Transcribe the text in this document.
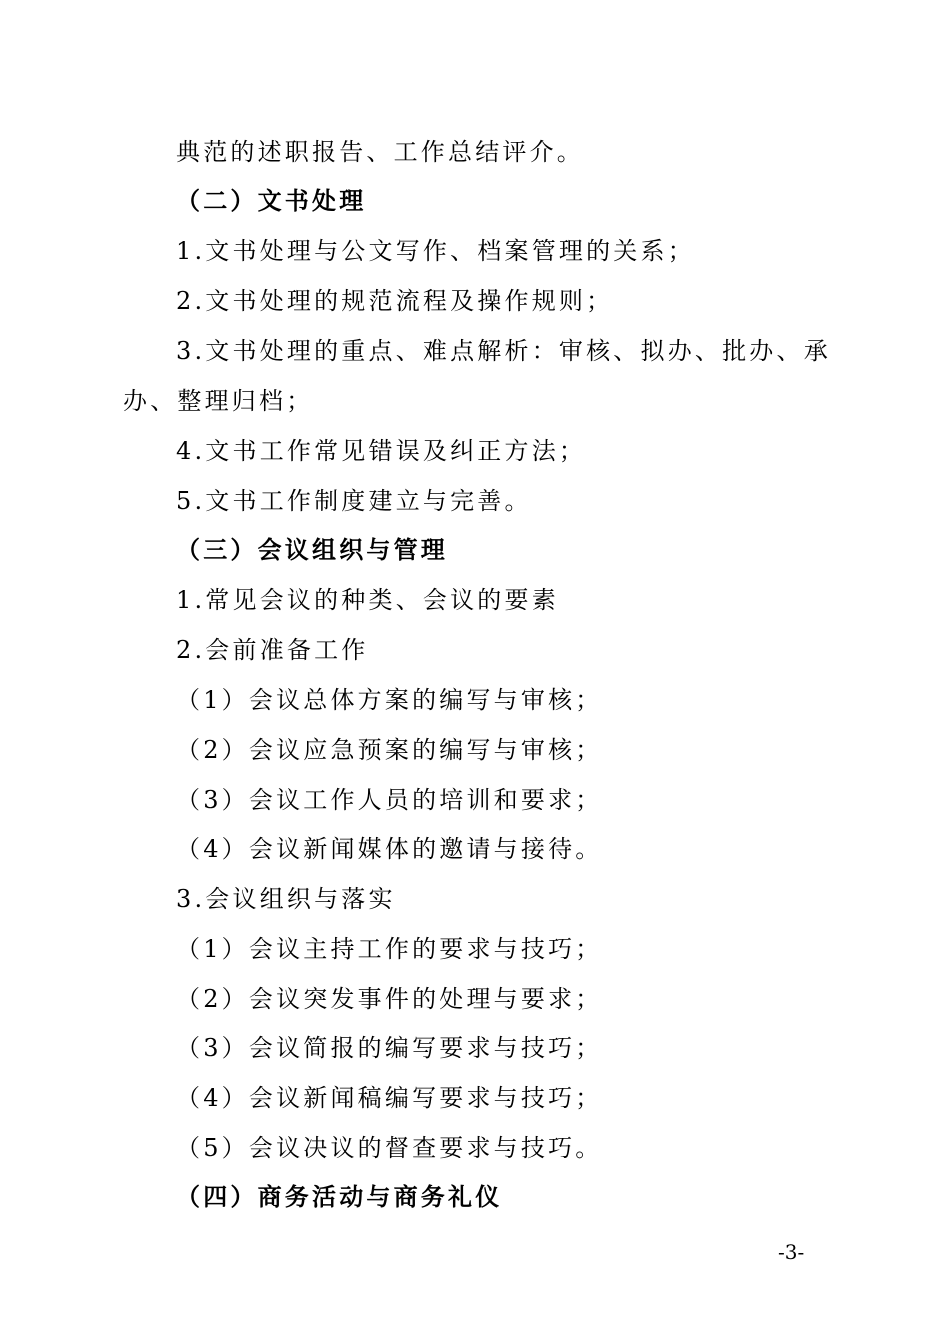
典范的述职报告、工作总结评介。
（二）文书处理
1.文书处理与公文写作、档案管理的关系；
2.文书处理的规范流程及操作规则；
3.文书处理的重点、难点解析：审核、拟办、批办、承
办、整理归档；
4.文书工作常见错误及纠正方法；
5.文书工作制度建立与完善。
（三）会议组织与管理
1.常见会议的种类、会议的要素
2.会前准备工作
（1）会议总体方案的编写与审核；
（2）会议应急预案的编写与审核；
（3）会议工作人员的培训和要求；
（4）会议新闻媒体的邀请与接待。
3.会议组织与落实
（1）会议主持工作的要求与技巧；
（2）会议突发事件的处理与要求；
（3）会议简报的编写要求与技巧；
（4）会议新闻稿编写要求与技巧；
（5）会议决议的督查要求与技巧。
（四）商务活动与商务礼仪
-3-
